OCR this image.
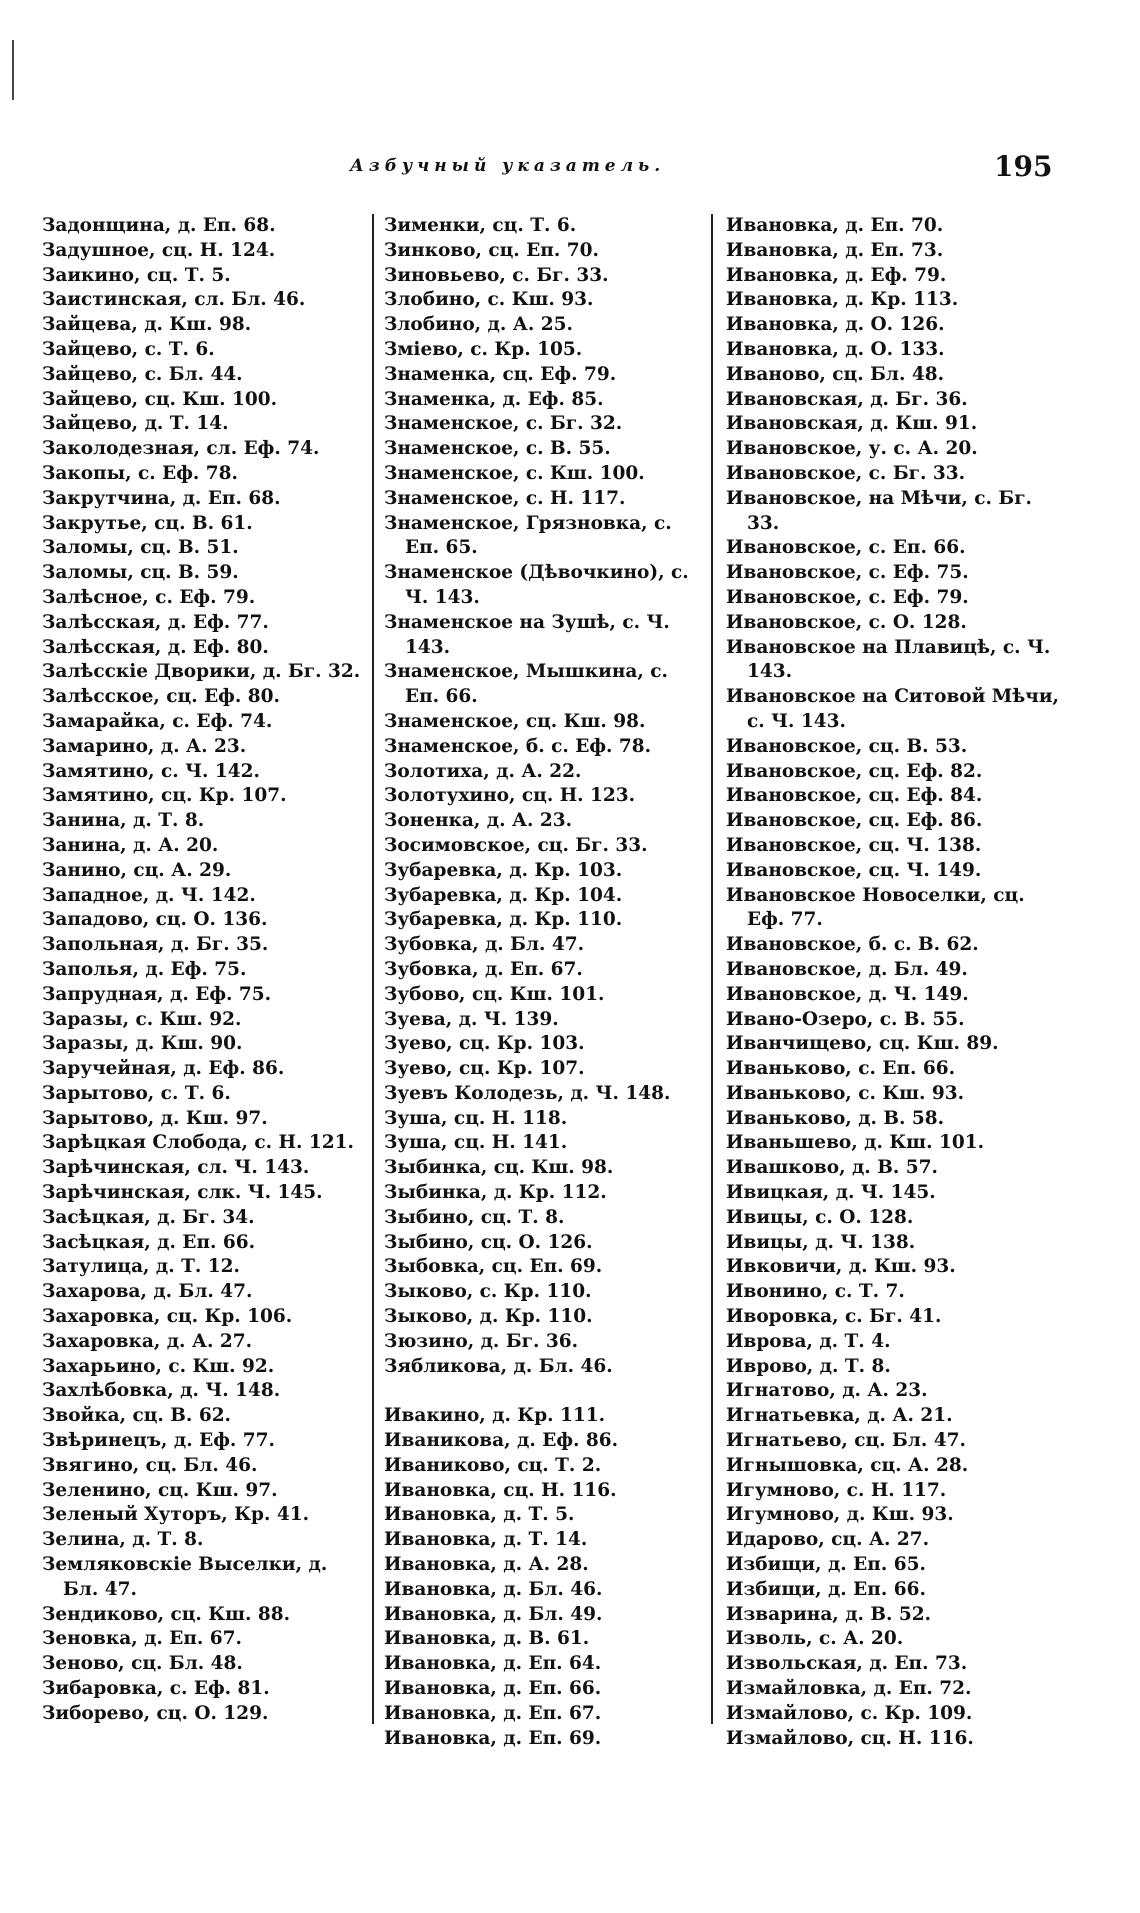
Азбучный указатель.	195
Задонщина, д. Еп. 68.
Задушное, сц. Н. 124.
Заикино, сц. Т. 5.
Заистинская, сл. Бл. 46.
Зайцева, д. Кш. 98.
Зайцево, с. Т. 6.
Зайцево, с. Бл. 44.
Зайцево, сц. Кш. 100.
Зайцево, д. Т. 14.
Заколодезная, сл. Еф. 74.
Закопы, с. Еф. 78.
Закрутчина, д. Еп. 68.
Закрутье, сц. В. 61.
Заломы, сц. В. 51.
Заломы, сц. В. 59.
Залѣсное, с. Еф. 79.
Залѣсская, д. Еф. 77.
Залѣсская, д. Еф. 80.
Залѣсскіе Дворики, д. Бг. 32.
Залѣсское, сц. Еф. 80.
Замарайка, с. Еф. 74.
Замарино, д. А. 23.
Замятино, с. Ч. 142.
Замятино, сц. Кр. 107.
Занина, д. Т. 8.
Занина, д. А. 20.
Занино, сц. А. 29.
Западное, д. Ч. 142.
Западово, сц. О. 136.
Запольная, д. Бг. 35.
Заполья, д. Еф. 75.
Запрудная, д. Еф. 75.
Заразы, с. Кш. 92.
Заразы, д. Кш. 90.
Заручейная, д. Еф. 86.
Зарытово, с. Т. 6.
Зарытово, д. Кш. 97.
Зарѣцкая Слобода, с. Н. 121.
Зарѣчинская, сл. Ч. 143.
Зарѣчинская, слк. Ч. 145.
Засѣцкая, д. Бг. 34.
Засѣцкая, д. Еп. 66.
Затулица, д. Т. 12.
Захарова, д. Бл. 47.
Захаровка, сц. Кр. 106.
Захаровка, д. А. 27.
Захарьино, с. Кш. 92.
Захлѣбовка, д. Ч. 148.
Звойка, сц. В. 62.
Звѣринецъ, д. Еф. 77.
Звягино, сц. Бл. 46.
Зеленино, сц. Кш. 97.
Зеленый Хуторъ, Кр. 41.
Зелина, д. Т. 8.
Земляковскіе Выселки, д. Бл. 47.
Зендиково, сц. Кш. 88.
Зеновка, д. Еп. 67.
Зеново, сц. Бл. 48.
Зибаровка, с. Еф. 81.
Зиборево, сц. О. 129.
Зименки, сц. Т. 6.
Зинково, сц. Еп. 70.
Зиновьево, с. Бг. 33.
Злобино, с. Кш. 93.
Злобино, д. А. 25.
Змiево, с. Кр. 105.
Знаменка, сц. Еф. 79.
Знаменка, д. Еф. 85.
Знаменское, с. Бг. 32.
Знаменское, с. В. 55.
Знаменское, с. Кш. 100.
Знаменское, с. Н. 117.
Знаменское, Грязновка, с. Еп. 65.
Знаменское (Дѣвочкино), с. Ч. 143.
Знаменское на Зушѣ, с. Ч. 143.
Знаменское, Мышкина, с. Еп. 66.
Знаменское, сц. Кш. 98.
Знаменское, б. с. Еф. 78.
Золотиха, д. А. 22.
Золотухино, сц. Н. 123.
Зоненка, д. А. 23.
Зосимовское, сц. Бг. 33.
Зубаревка, д. Кр. 103.
Зубаревка, д. Кр. 104.
Зубаревка, д. Кр. 110.
Зубовка, д. Бл. 47.
Зубовка, д. Еп. 67.
Зубово, сц. Кш. 101.
Зуева, д. Ч. 139.
Зуево, сц. Кр. 103.
Зуево, сц. Кр. 107.
Зуевъ Колодезь, д. Ч. 148.
Зуша, сц. Н. 118.
Зуша, сц. Н. 141.
Зыбинка, сц. Кш. 98.
Зыбинка, д. Кр. 112.
Зыбино, сц. Т. 8.
Зыбино, сц. О. 126.
Зыбовка, сц. Еп. 69.
Зыково, с. Кр. 110.
Зыково, д. Кр. 110.
Зюзино, д. Бг. 36.
Зябликова, д. Бл. 46.
Ивакино, д. Кр. 111.
Иваникова, д. Еф. 86.
Иваниково, сц. Т. 2.
Ивановка, сц. Н. 116.
Ивановка, д. Т. 5.
Ивановка, д. Т. 14.
Ивановка, д. А. 28.
Ивановка, д. Бл. 46.
Ивановка, д. Бл. 49.
Ивановка, д. В. 61.
Ивановка, д. Еп. 64.
Ивановка, д. Еп. 66.
Ивановка, д. Еп. 67.
Ивановка, д. Еп. 69.
Ивановка, д. Еп. 70.
Ивановка, д. Еп. 73.
Ивановка, д. Еф. 79.
Ивановка, д. Кр. 113.
Ивановка, д. О. 126.
Ивановка, д. О. 133.
Иваново, сц. Бл. 48.
Ивановская, д. Бг. 36.
Ивановская, д. Кш. 91.
Ивановское, у. с. А. 20.
Ивановское, с. Бг. 33.
Ивановское, на Мѣчи, с. Бг. 33.
Ивановское, с. Еп. 66.
Ивановское, с. Еф. 75.
Ивановское, с. Еф. 79.
Ивановское, с. О. 128.
Ивановское на Плавицѣ, с. Ч. 143.
Ивановское на Ситовой Мѣчи, с. Ч. 143.
Ивановское, сц. В. 53.
Ивановское, сц. Еф. 82.
Ивановское, сц. Еф. 84.
Ивановское, сц. Еф. 86.
Ивановское, сц. Ч. 138.
Ивановское, сц. Ч. 149.
Ивановское Новоселки, сц. Еф. 77.
Ивановское, б. с. В. 62.
Ивановское, д. Бл. 49.
Ивановское, д. Ч. 149.
Ивано-Озеро, с. В. 55.
Иванчищево, сц. Кш. 89.
Иваньково, с. Еп. 66.
Иваньково, с. Кш. 93.
Иваньково, д. В. 58.
Иваньшево, д. Кш. 101.
Ивашково, д. В. 57.
Ивицкая, д. Ч. 145.
Ивицы, с. О. 128.
Ивицы, д. Ч. 138.
Ивковичи, д. Кш. 93.
Ивонино, с. Т. 7.
Иворовка, с. Бг. 41.
Иврова, д. Т. 4.
Иврово, д. Т. 8.
Игнатово, д. А. 23.
Игнатьевка, д. А. 21.
Игнатьево, сц. Бл. 47.
Игнышовка, сц. А. 28.
Игумново, с. Н. 117.
Игумново, д. Кш. 93.
Идарово, сц. А. 27.
Избищи, д. Еп. 65.
Избищи, д. Еп. 66.
Изварина, д. В. 52.
Изволь, с. А. 20.
Извольская, д. Еп. 73.
Измайловка, д. Еп. 72.
Измайлово, с. Кр. 109.
Измайлово, сц. Н. 116.
